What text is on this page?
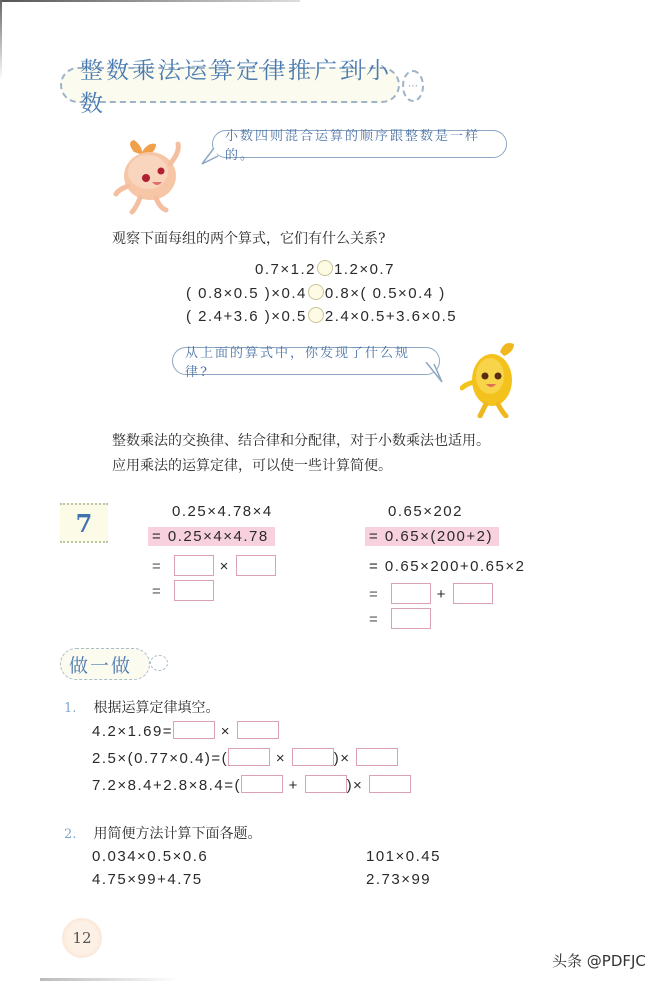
整数乘法运算定律推广到小数
⋯
小数四则混合运算的顺序跟整数是一样的。
观察下面每组的两个算式，它们有什么关系?
0.7×1.2 1.2×0.7
( 0.8×0.5 )×0.4 0.8×( 0.5×0.4 )
( 2.4+3.6 )×0.5 2.4×0.5+3.6×0.5
从上面的算式中，你发现了什么规律?
整数乘法的交换律、结合律和分配律，对于小数乘法也适用。
应用乘法的运算定律，可以使一些计算简便。
7	0.25×4.78×4
= 0.25×4×4.78
=	×
=
0.65×202
= 0.65×(200+2)
= 0.65×200+0.65×2
=	+
=
做一做
1. 根据运算定律填空。
4.2×1.69=	×
2.5×(0.77×0.4)=(	×	)×
7.2×8.4+2.8×8.4=(	+	)×
2. 用简便方法计算下面各题。
0.034×0.5×0.6	101×0.45
4.75×99+4.75	2.73×99
12
头条 @PDFJC
